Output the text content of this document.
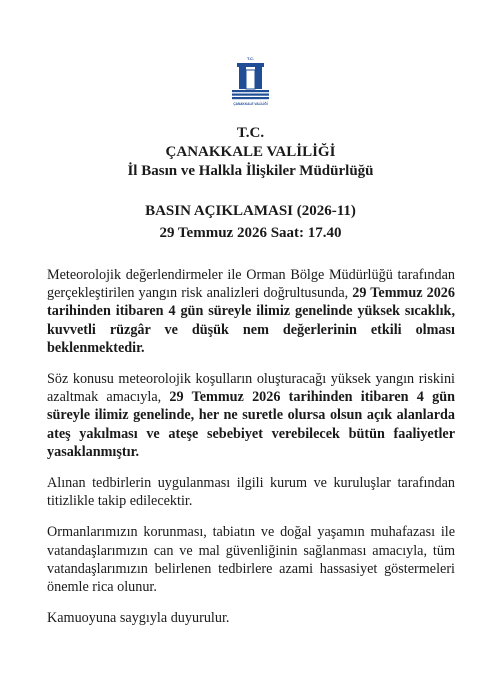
T.C.
ÇANAKKALE VALİLİĞİ
T.C.
ÇANAKKALE VALİLİĞİ
İl Basın ve Halkla İlişkiler Müdürlüğü
BASIN AÇIKLAMASI (2026-11)
29 Temmuz 2026 Saat: 17.40

Meteorolojik değerlendirmeler ile Orman Bölge Müdürlüğü tarafından gerçekleştirilen yangın risk analizleri doğrultusunda, 29 Temmuz 2026 tarihinden itibaren 4 gün süreyle ilimiz genelinde yüksek sıcaklık, kuvvetli rüzgâr ve düşük nem değerlerinin etkili olması beklenmektedir.

Söz konusu meteorolojik koşulların oluşturacağı yüksek yangın riskini azaltmak amacıyla, 29 Temmuz 2026 tarihinden itibaren 4 gün süreyle ilimiz genelinde, her ne suretle olursa olsun açık alanlarda ateş yakılması ve ateşe sebebiyet verebilecek bütün faaliyetler yasaklanmıştır.

Alınan tedbirlerin uygulanması ilgili kurum ve kuruluşlar tarafından titizlikle takip edilecektir.

Ormanlarımızın korunması, tabiatın ve doğal yaşamın muhafazası ile vatandaşlarımızın can ve mal güvenliğinin sağlanması amacıyla, tüm vatandaşlarımızın belirlenen tedbirlere azami hassasiyet göstermeleri önemle rica olunur.

Kamuoyuna saygıyla duyurulur.
